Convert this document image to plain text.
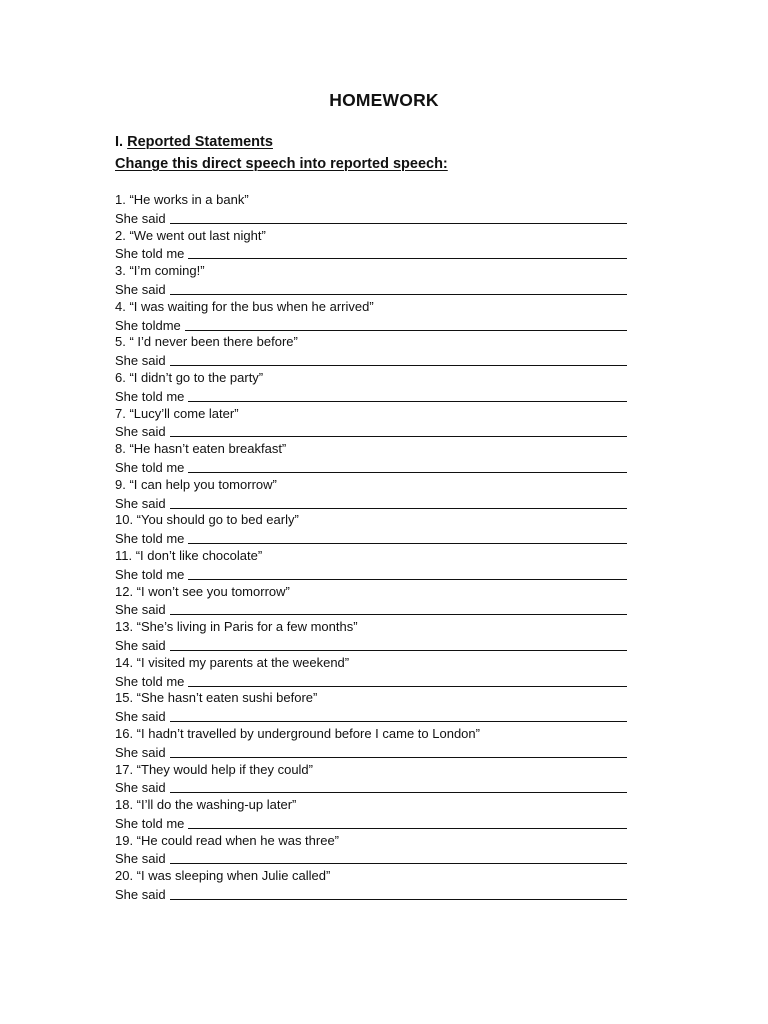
HOMEWORK
I. Reported Statements
Change this direct speech into reported speech:
1. “He works in a bank”
She said
2. “We went out last night”
She told me
3. “I’m coming!”
She said
4. “I was waiting for the bus when he arrived”
She toldme
5. “ I’d never been there before”
She said
6. “I didn’t go to the party”
She told me
7. “Lucy’ll come later”
She said
8. “He hasn’t eaten breakfast”
She told me
9. “I can help you tomorrow”
She said
10. “You should go to bed early”
She told me
11. “I don’t like chocolate”
She told me
12. “I won’t see you tomorrow”
She said
13. “She’s living in Paris for a few months”
She said
14. “I visited my parents at the weekend”
She told me
15. “She hasn’t eaten sushi before”
She said
16. “I hadn’t travelled by underground before I came to London”
She said
17. “They would help if they could”
She said
18. “I’ll do the washing-up later”
She told me
19. “He could read when he was three”
She said
20. “I was sleeping when Julie called”
She said
